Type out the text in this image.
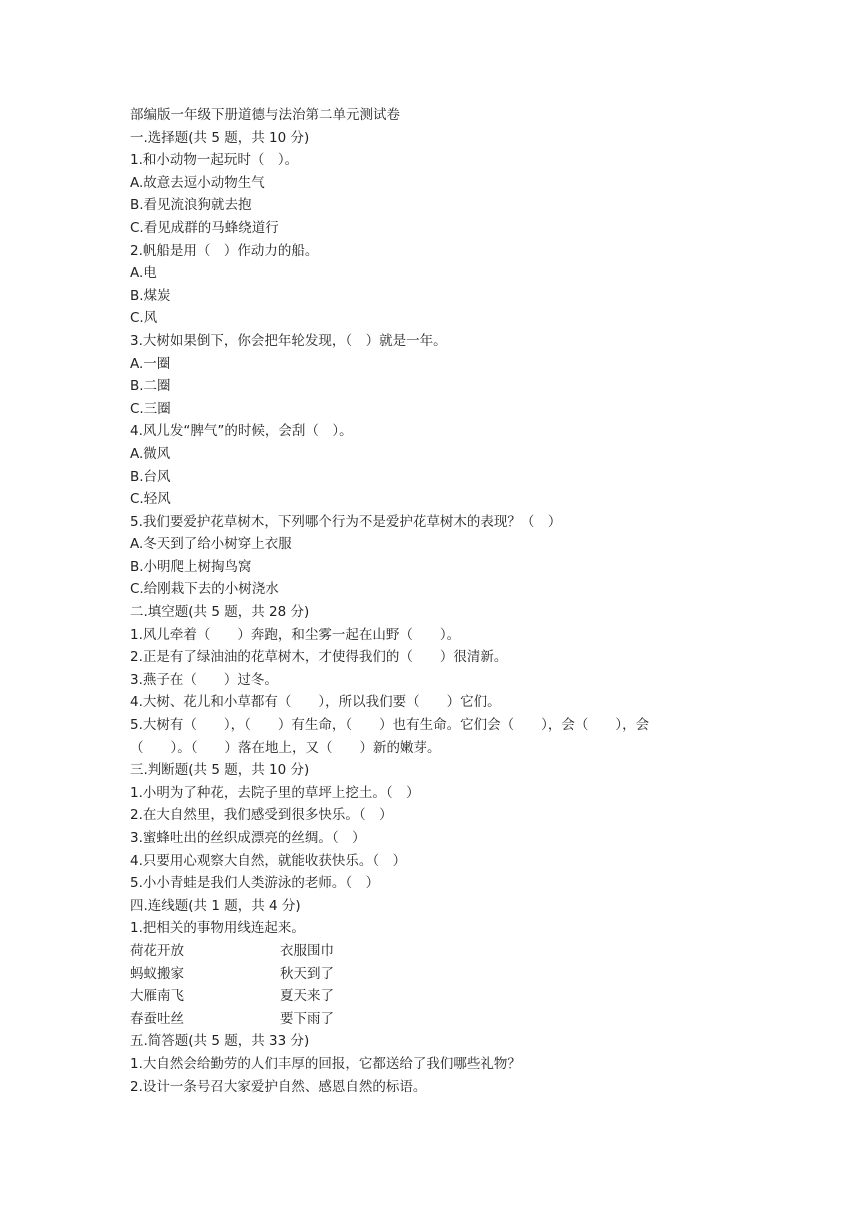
部编版一年级下册道德与法治第二单元测试卷

一.选择题(共 5 题，共 10 分)

1.和小动物一起玩时（　）。

A.故意去逗小动物生气

B.看见流浪狗就去抱

C.看见成群的马蜂绕道行

2.帆船是用（　）作动力的船。

A.电

B.煤炭

C.风

3.大树如果倒下，你会把年轮发现，（　）就是一年。

A.一圈

B.二圈

C.三圈

4.风儿发“脾气”的时候，会刮（　）。

A.微风

B.台风

C.轻风

5.我们要爱护花草树木，下列哪个行为不是爱护花草树木的表现？（　）

A.冬天到了给小树穿上衣服

B.小明爬上树掏鸟窝

C.给刚栽下去的小树浇水

二.填空题(共 5 题，共 28 分)

1.风儿牵着（　　）奔跑，和尘雾一起在山野（　　）。

2.正是有了绿油油的花草树木，才使得我们的（　　）很清新。

3.燕子在（　　）过冬。

4.大树、花儿和小草都有（　　），所以我们要（　　）它们。

5.大树有（　　），（　　）有生命，（　　）也有生命。它们会（　　），会（　　），会

（　　）。（　　）落在地上，又（　　）新的嫩芽。

三.判断题(共 5 题，共 10 分)

1.小明为了种花，去院子里的草坪上挖土。（　）

2.在大自然里，我们感受到很多快乐。（　）

3.蜜蜂吐出的丝织成漂亮的丝绸。（　）

4.只要用心观察大自然，就能收获快乐。（　）

5.小小青蛙是我们人类游泳的老师。（　）

四.连线题(共 1 题，共 4 分)

1.把相关的事物用线连起来。

荷花开放	衣服围巾
蚂蚁搬家	秋天到了
大雁南飞	夏天来了
春蚕吐丝	要下雨了

五.简答题(共 5 题，共 33 分)

1.大自然会给勤劳的人们丰厚的回报，它都送给了我们哪些礼物？

2.设计一条号召大家爱护自然、感恩自然的标语。
